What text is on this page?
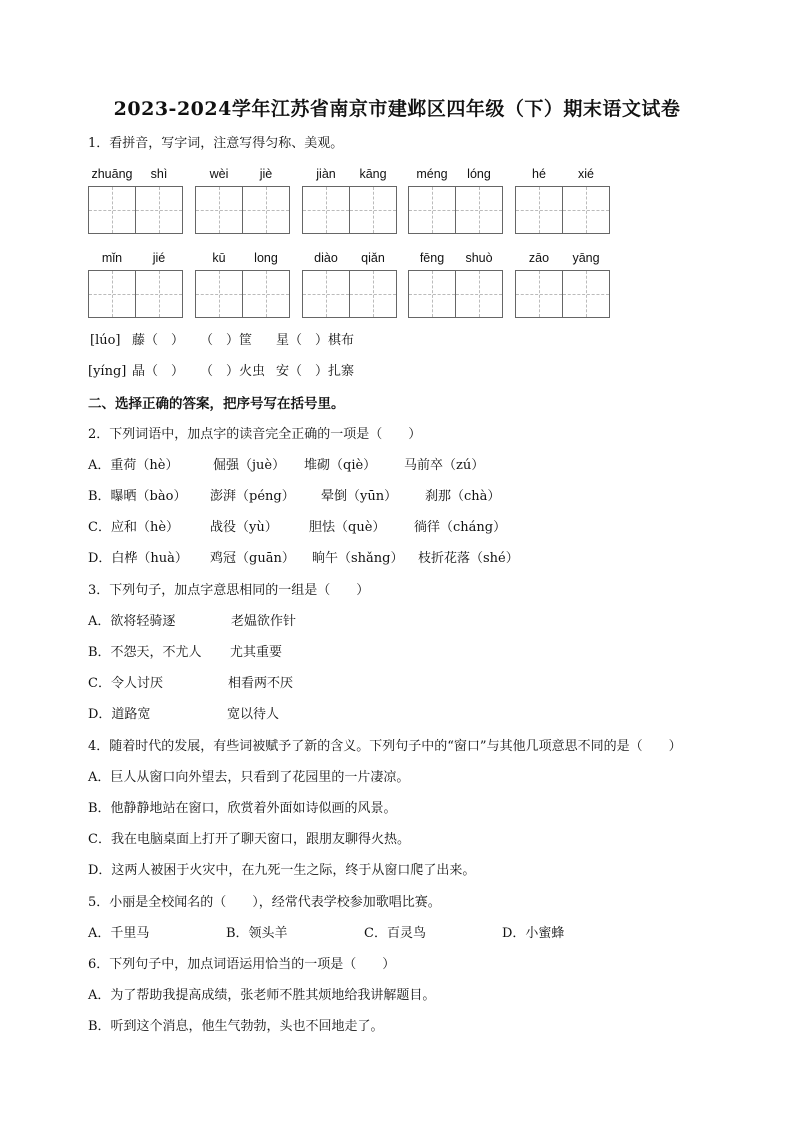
2023-2024学年江苏省南京市建邺区四年级（下）期末语文试卷
1．看拼音，写字词，注意写得匀称、美观。
zhuāng	shì	wèi	jiè	jiàn	kāng	méng	lóng	hé	xié
mǐn	jié	kū	long	diào	qiǎn	fēng	shuò	zāo	yāng
[lúo] 藤（　） （　）筐 星（　）棋布
[yíng] 晶（　） （　）火虫 安（　）扎寨
二、选择正确的答案，把序号写在括号里。
2．下列词语中，加点字的读音完全正确的一项是（　　）
A．重荷（hè）	倔强（juè） 堆砌（qiè） 马前卒（zú）
B．曝晒（bào） 澎湃（péng） 晕倒（yūn） 刹那（chà）
C．应和（hè） 战役（yù） 胆怯（què） 徜徉（cháng）
D．白桦（huà） 鸡冠（guān） 晌午（shǎng） 枝折花落（shé）
3．下列句子，加点字意思相同的一组是（　　）
A．欲将轻骑逐	老媪欲作针
B．不怨天，不尤人 尤其重要
C．令人讨厌	相看两不厌
D．道路宽	宽以待人
4．随着时代的发展，有些词被赋予了新的含义。下列句子中的“窗口”与其他几项意思不同的是（　　）
A．巨人从窗口向外望去，只看到了花园里的一片凄凉。
B．他静静地站在窗口，欣赏着外面如诗似画的风景。
C．我在电脑桌面上打开了聊天窗口，跟朋友聊得火热。
D．这两人被困于火灾中，在九死一生之际，终于从窗口爬了出来。
5．小丽是全校闻名的（　　），经常代表学校参加歌唱比赛。
A．千里马	B．领头羊	C．百灵鸟	D．小蜜蜂
6．下列句子中，加点词语运用恰当的一项是（　　）
A．为了帮助我提高成绩，张老师不胜其烦地给我讲解题目。
B．听到这个消息，他生气勃勃，头也不回地走了。
